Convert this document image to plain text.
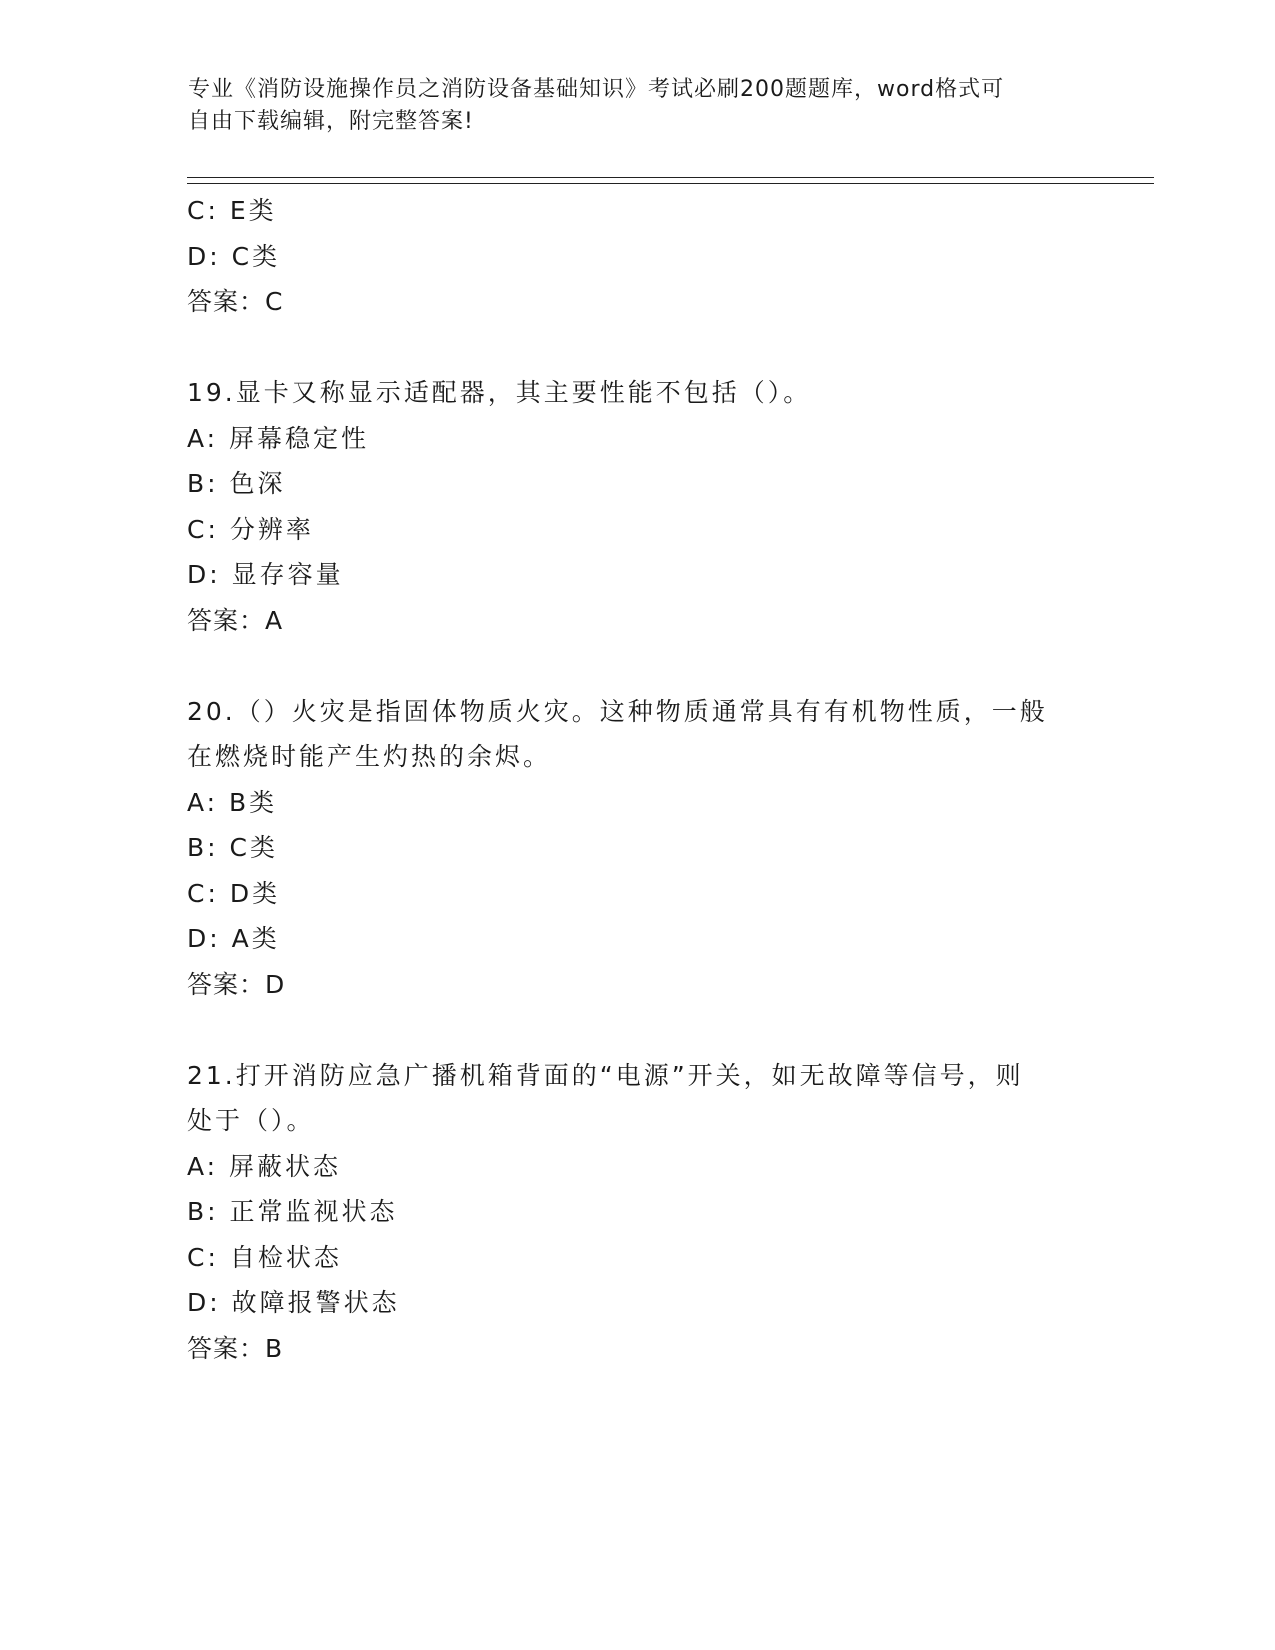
专业《消防设施操作员之消防设备基础知识》考试必刷200题题库，word格式可
自由下载编辑，附完整答案!
C: E类
D: C类
答案：C
19.显卡又称显示适配器，其主要性能不包括（）。
A: 屏幕稳定性
B: 色深
C: 分辨率
D: 显存容量
答案：A
20.（）火灾是指固体物质火灾。这种物质通常具有有机物性质，一般
在燃烧时能产生灼热的余烬。
A: B类
B: C类
C: D类
D: A类
答案：D
21.打开消防应急广播机箱背面的“电源”开关，如无故障等信号，则
处于（）。
A: 屏蔽状态
B: 正常监视状态
C: 自检状态
D: 故障报警状态
答案：B
